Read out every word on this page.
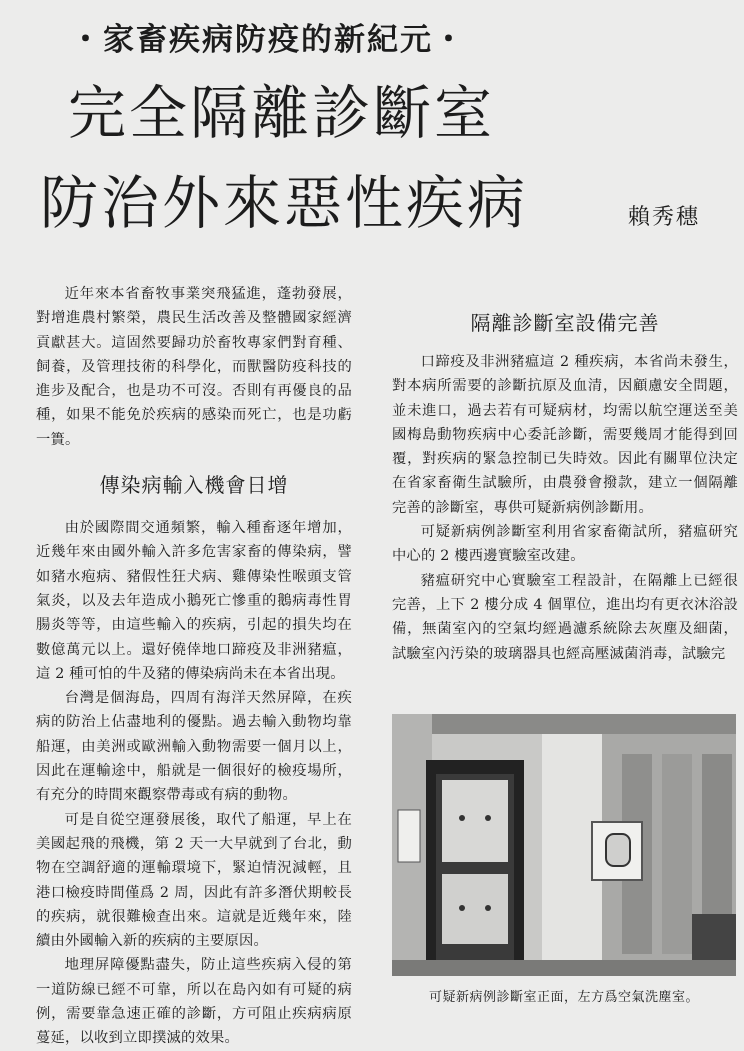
・家畜疾病防疫的新紀元・
完全隔離診斷室
防治外來惡性疾病	賴秀穗

近年來本省畜牧事業突飛猛進，蓬勃發展，對增進農村繁榮，農民生活改善及整體國家經濟貢獻甚大。這固然要歸功於畜牧專家們對育種、飼養，及管理技術的科學化，而獸醫防疫科技的進步及配合，也是功不可沒。否則有再優良的品種，如果不能免於疾病的感染而死亡，也是功虧一簣。

傳染病輸入機會日增

由於國際間交通頻繁，輸入種畜逐年增加，近幾年來由國外輸入許多危害家畜的傳染病，譬如豬水疱病、豬假性狂犬病、雞傳染性喉頭支管氣炎，以及去年造成小鵝死亡慘重的鵝病毒性胃腸炎等等，由這些輸入的疾病，引起的損失均在數億萬元以上。還好僥倖地口蹄疫及非洲豬瘟，這 2 種可怕的牛及豬的傳染病尚未在本省出現。

台灣是個海島，四周有海洋天然屏障，在疾病的防治上佔盡地利的優點。過去輸入動物均靠船運，由美洲或歐洲輸入動物需要一個月以上，因此在運輸途中，船就是一個很好的檢疫場所，有充分的時間來觀察帶毒或有病的動物。

可是自從空運發展後，取代了船運，早上在美國起飛的飛機，第 2 天一大早就到了台北，動物在空調舒適的運輸環境下，緊迫情況減輕，且港口檢疫時間僅爲 2 周，因此有許多潛伏期較長的疾病，就很難檢查出來。這就是近幾年來，陸續由外國輸入新的疾病的主要原因。

地理屏障優點盡失，防止這些疾病入侵的第一道防線已經不可靠，所以在島內如有可疑的病例，需要靠急速正確的診斷，方可阻止疾病病原蔓延，以收到立即撲滅的效果。

隔離診斷室設備完善

口蹄疫及非洲豬瘟這 2 種疾病，本省尚未發生，對本病所需要的診斷抗原及血清，因顧慮安全問題，並未進口，過去若有可疑病材，均需以航空運送至美國梅島動物疾病中心委託診斷，需要幾周才能得到回覆，對疾病的緊急控制已失時效。因此有關單位決定在省家畜衛生試驗所，由農發會撥款，建立一個隔離完善的診斷室，專供可疑新病例診斷用。

可疑新病例診斷室利用省家畜衛試所，豬瘟研究中心的 2 樓西邊實驗室改建。

豬瘟研究中心實驗室工程設計，在隔離上已經很完善，上下 2 樓分成 4 個單位，進出均有更衣沐浴設備，無菌室內的空氣均經過濾系統除去灰塵及細菌，試驗室內汚染的玻璃器具也經高壓滅菌消毒，試驗完

可疑新病例診斷室正面，左方爲空氣洗塵室。
